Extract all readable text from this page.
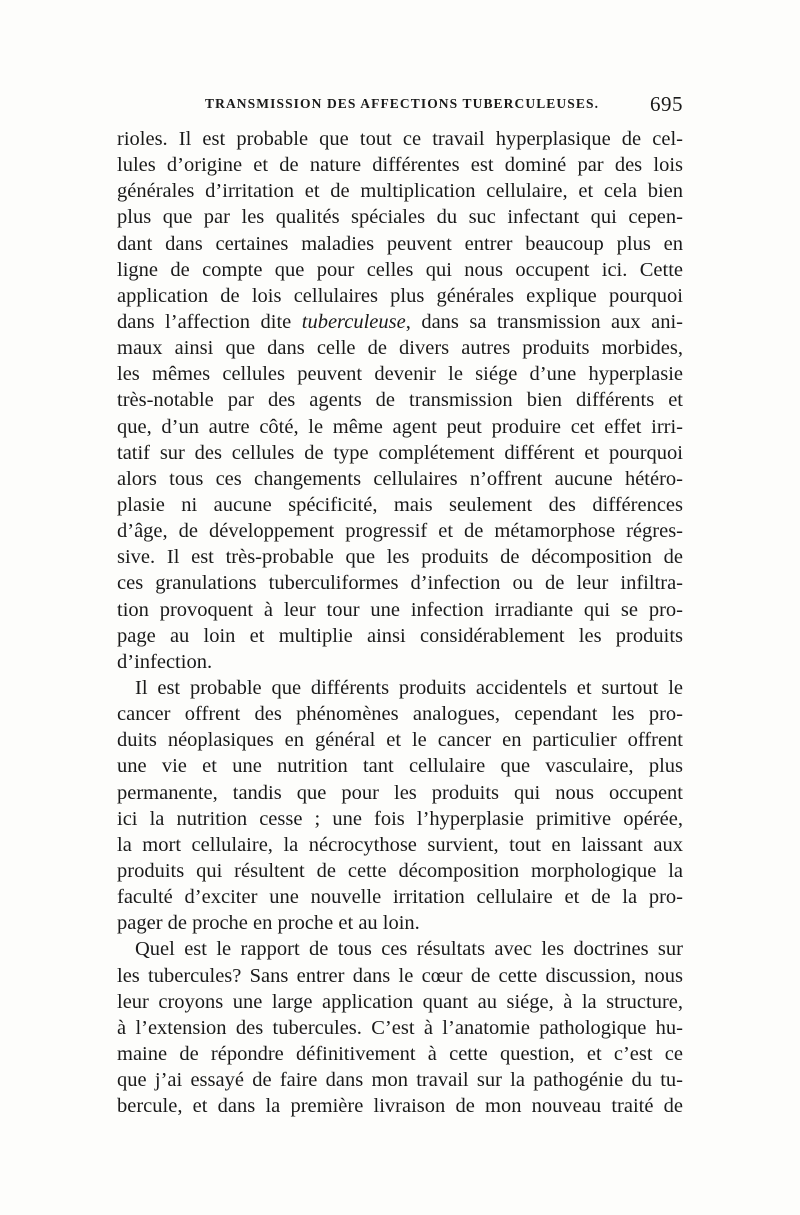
TRANSMISSION DES AFFECTIONS TUBERCULEUSES. 695
rioles. Il est probable que tout ce travail hyperplasique de cel-
lules d’origine et de nature différentes est dominé par des lois
générales d’irritation et de multiplication cellulaire, et cela bien
plus que par les qualités spéciales du suc infectant qui cepen-
dant dans certaines maladies peuvent entrer beaucoup plus en
ligne de compte que pour celles qui nous occupent ici. Cette
application de lois cellulaires plus générales explique pourquoi
dans l’affection dite tuberculeuse, dans sa transmission aux ani-
maux ainsi que dans celle de divers autres produits morbides,
les mêmes cellules peuvent devenir le siége d’une hyperplasie
très-notable par des agents de transmission bien différents et
que, d’un autre côté, le même agent peut produire cet effet irri-
tatif sur des cellules de type complétement différent et pourquoi
alors tous ces changements cellulaires n’offrent aucune hétéro-
plasie ni aucune spécificité, mais seulement des différences
d’âge, de développement progressif et de métamorphose régres-
sive. Il est très-probable que les produits de décomposition de
ces granulations tuberculiformes d’infection ou de leur infiltra-
tion provoquent à leur tour une infection irradiante qui se pro-
page au loin et multiplie ainsi considérablement les produits
d’infection.
Il est probable que différents produits accidentels et surtout le
cancer offrent des phénomènes analogues, cependant les pro-
duits néoplasiques en général et le cancer en particulier offrent
une vie et une nutrition tant cellulaire que vasculaire, plus
permanente, tandis que pour les produits qui nous occupent
ici la nutrition cesse ; une fois l’hyperplasie primitive opérée,
la mort cellulaire, la nécrocythose survient, tout en laissant aux
produits qui résultent de cette décomposition morphologique la
faculté d’exciter une nouvelle irritation cellulaire et de la pro-
pager de proche en proche et au loin.
Quel est le rapport de tous ces résultats avec les doctrines sur
les tubercules? Sans entrer dans le cœur de cette discussion, nous
leur croyons une large application quant au siége, à la structure,
à l’extension des tubercules. C’est à l’anatomie pathologique hu-
maine de répondre définitivement à cette question, et c’est ce
que j’ai essayé de faire dans mon travail sur la pathogénie du tu-
bercule, et dans la première livraison de mon nouveau traité de
